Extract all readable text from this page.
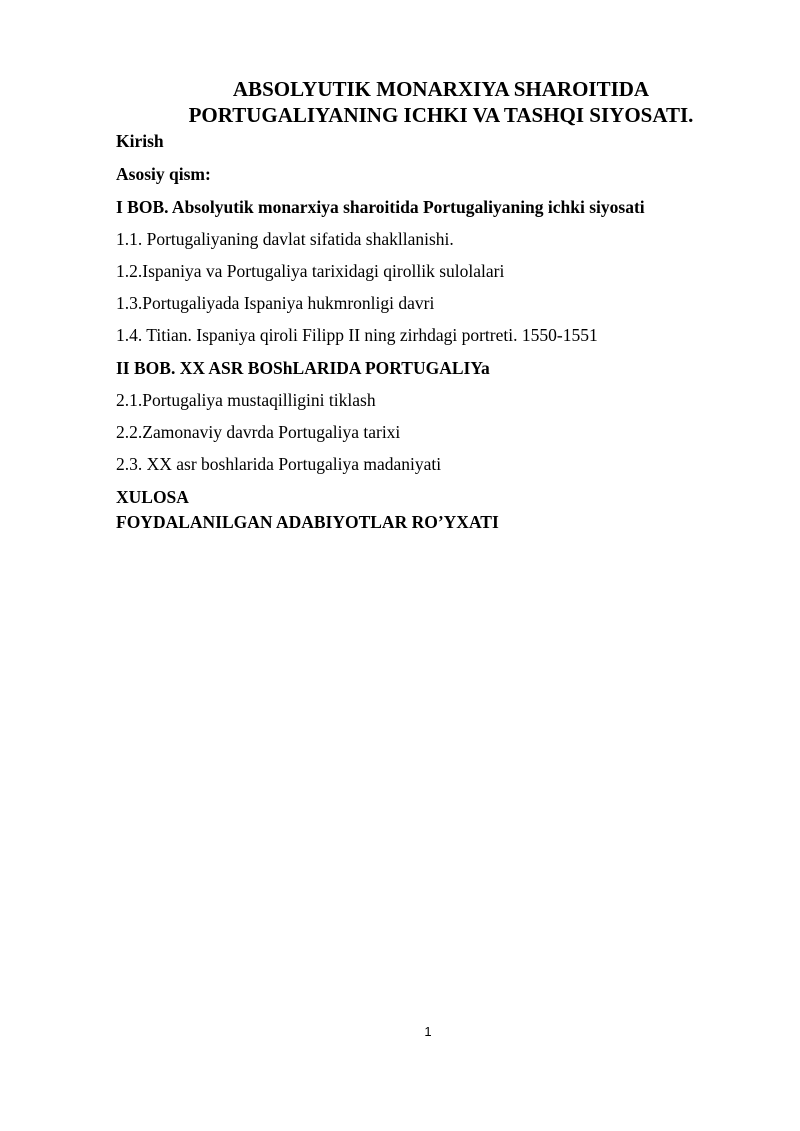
ABSOLYUTIK MONARXIYA SHAROITIDA
PORTUGALIYANING ICHKI VA TASHQI SIYOSATI.

Kirish

Asosiy qism:

I BOB. Absolyutik monarxiya sharoitida Portugaliyaning ichki siyosati

1.1. Portugaliyaning davlat sifatida shakllanishi.

1.2.Ispaniya va Portugaliya tarixidagi qirollik sulolalari

1.3.Portugaliyada Ispaniya hukmronligi davri

1.4. Titian. Ispaniya qiroli Filipp II ning zirhdagi portreti. 1550-1551

II BOB. XX ASR BOShLARIDA PORTUGALIYa

2.1.Portugaliya mustaqilligini tiklash

2.2.Zamonaviy davrda Portugaliya tarixi

2.3. XX asr boshlarida Portugaliya madaniyati

XULOSA

FOYDALANILGAN ADABIYOTLAR RO’YXATI

1
